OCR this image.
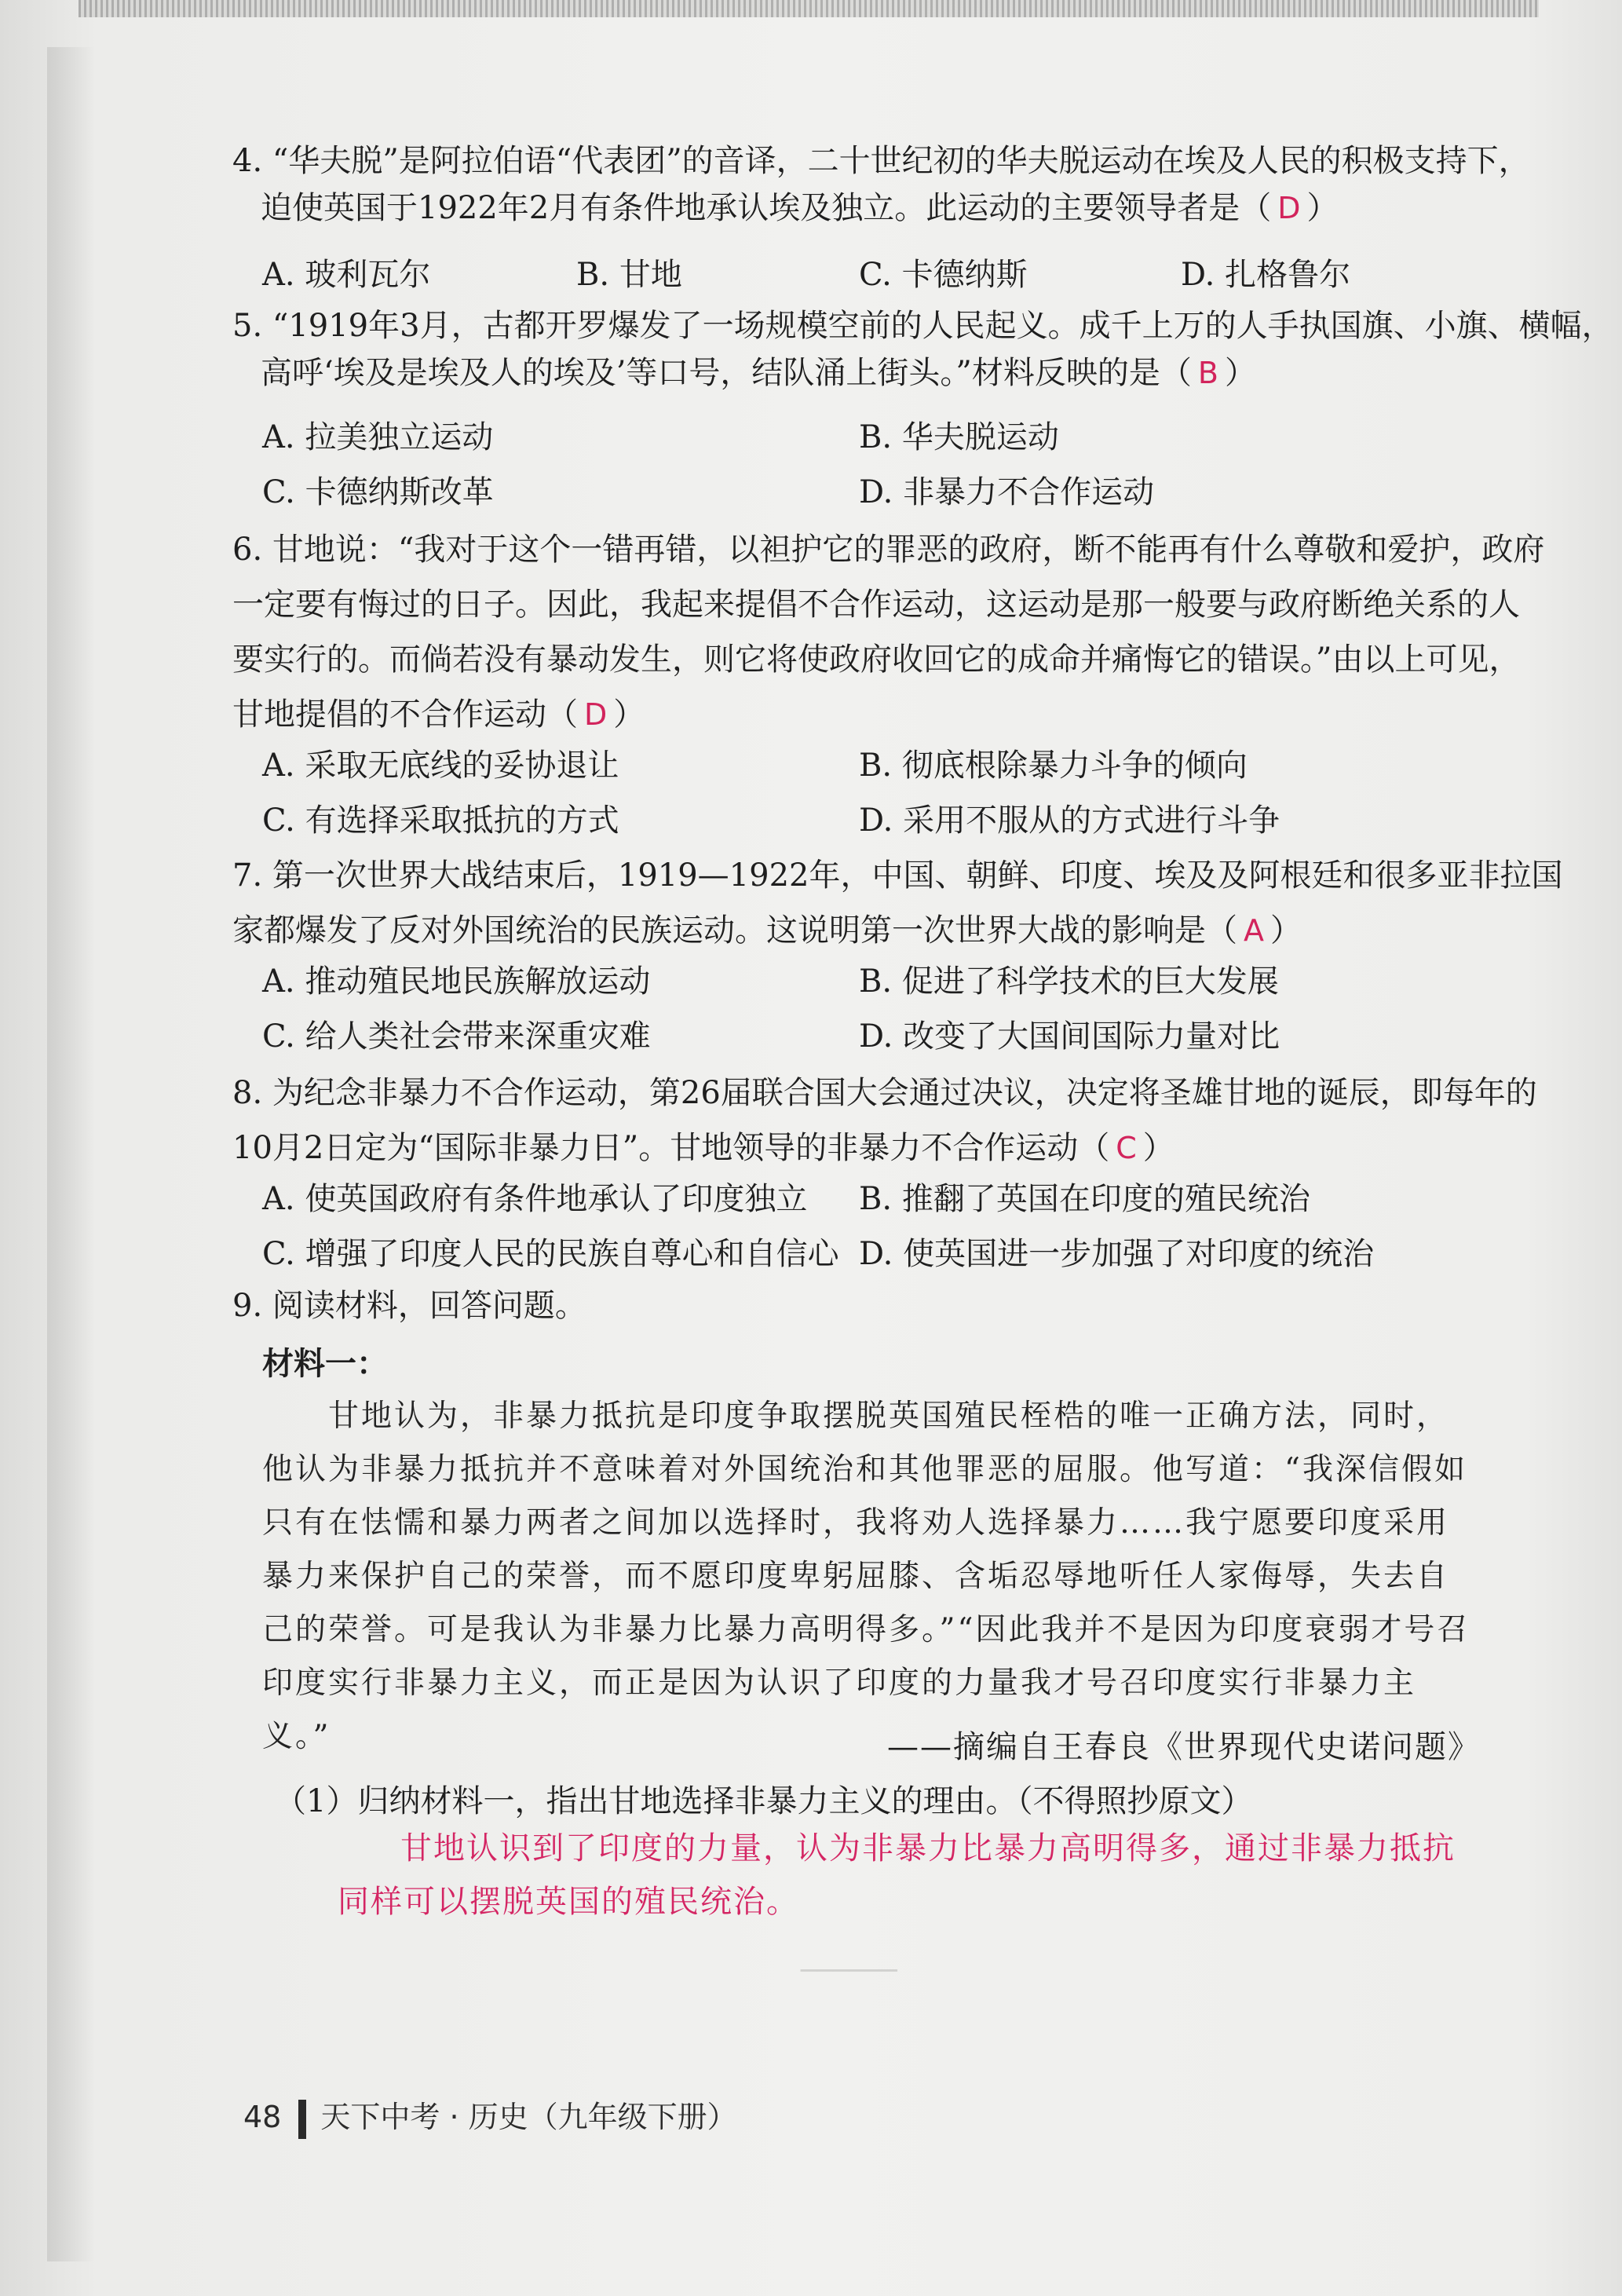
4. “华夫脱”是阿拉伯语“代表团”的音译，二十世纪初的华夫脱运动在埃及人民的积极支持下，
迫使英国于1922年2月有条件地承认埃及独立。此运动的主要领导者是（ D ）
A. 玻利瓦尔	B. 甘地	C. 卡德纳斯	D. 扎格鲁尔
5. “1919年3月，古都开罗爆发了一场规模空前的人民起义。成千上万的人手执国旗、小旗、横幅，
高呼‘埃及是埃及人的埃及’等口号，结队涌上街头。”材料反映的是（ B ）
A. 拉美独立运动	B. 华夫脱运动
C. 卡德纳斯改革	D. 非暴力不合作运动
6. 甘地说：“我对于这个一错再错，以袒护它的罪恶的政府，断不能再有什么尊敬和爱护，政府
一定要有悔过的日子。因此，我起来提倡不合作运动，这运动是那一般要与政府断绝关系的人
要实行的。而倘若没有暴动发生，则它将使政府收回它的成命并痛悔它的错误。”由以上可见，
甘地提倡的不合作运动（ D ）
A. 采取无底线的妥协退让	B. 彻底根除暴力斗争的倾向
C. 有选择采取抵抗的方式	D. 采用不服从的方式进行斗争
7. 第一次世界大战结束后，1919—1922年，中国、朝鲜、印度、埃及及阿根廷和很多亚非拉国
家都爆发了反对外国统治的民族运动。这说明第一次世界大战的影响是（ A ）
A. 推动殖民地民族解放运动	B. 促进了科学技术的巨大发展
C. 给人类社会带来深重灾难	D. 改变了大国间国际力量对比
8. 为纪念非暴力不合作运动，第26届联合国大会通过决议，决定将圣雄甘地的诞辰，即每年的
10月2日定为“国际非暴力日”。甘地领导的非暴力不合作运动（ C ）
A. 使英国政府有条件地承认了印度独立 B. 推翻了英国在印度的殖民统治
C. 增强了印度人民的民族自尊心和自信心 D. 使英国进一步加强了对印度的统治
9. 阅读材料，回答问题。
材料一：
甘地认为，非暴力抵抗是印度争取摆脱英国殖民桎梏的唯一正确方法，同时，他认为非暴力抵抗并不意味着对外国统治和其他罪恶的屈服。他写道：“我深信假如只有在怯懦和暴力两者之间加以选择时，我将劝人选择暴力……我宁愿要印度采用暴力来保护自己的荣誉，而不愿印度卑躬屈膝、含垢忍辱地听任人家侮辱，失去自己的荣誉。可是我认为非暴力比暴力高明得多。”“因此我并不是因为印度衰弱才号召印度实行非暴力主义，而正是因为认识了印度的力量我才号召印度实行非暴力主义。”	——摘编自王春良《世界现代史诺问题》
（1）归纳材料一，指出甘地选择非暴力主义的理由。（不得照抄原文）
甘地认识到了印度的力量，认为非暴力比暴力高明得多，通过非暴力抵抗同样可以摆脱英国的殖民统治。
──────
48 天下中考 · 历史（九年级下册）
